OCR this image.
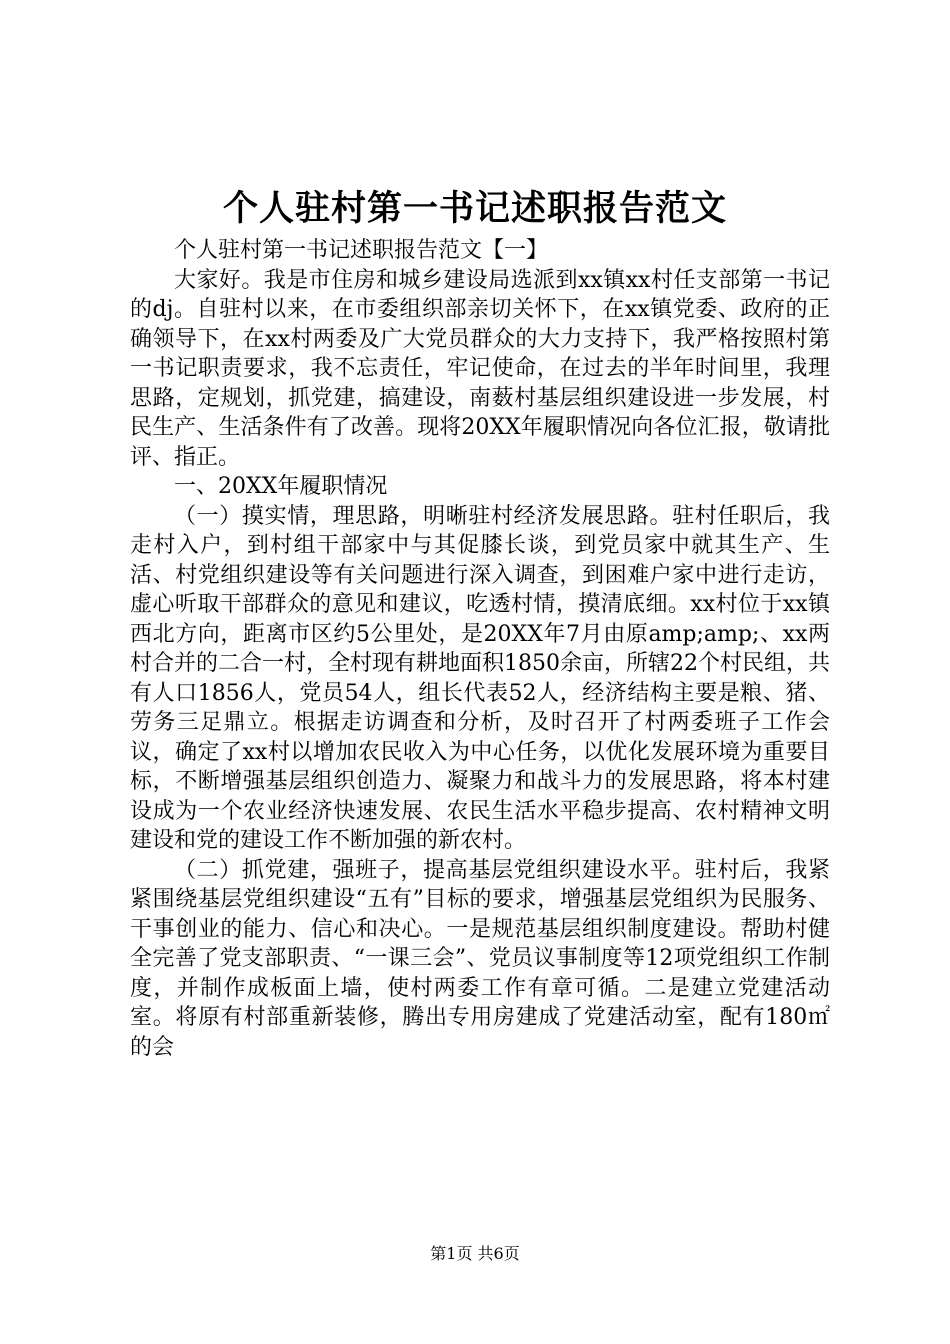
个人驻村第一书记述职报告范文

个人驻村第一书记述职报告范文【一】

大家好。我是市住房和城乡建设局选派到xx镇xx村任支部第一书记的dj。自驻村以来，在市委组织部亲切关怀下，在xx镇党委、政府的正确领导下，在xx村两委及广大党员群众的大力支持下，我严格按照村第一书记职责要求，我不忘责任，牢记使命，在过去的半年时间里，我理思路，定规划，抓党建，搞建设，南薮村基层组织建设进一步发展，村民生产、生活条件有了改善。现将20XX年履职情况向各位汇报，敬请批评、指正。

一、20XX年履职情况

（一）摸实情，理思路，明晰驻村经济发展思路。驻村任职后，我走村入户，到村组干部家中与其促膝长谈，到党员家中就其生产、生活、村党组织建设等有关问题进行深入调查，到困难户家中进行走访，虚心听取干部群众的意见和建议，吃透村情，摸清底细。xx村位于xx镇西北方向，距离市区约5公里处，是20XX年7月由原amp;amp;、xx两村合并的二合一村，全村现有耕地面积1850余亩，所辖22个村民组，共有人口1856人，党员54人，组长代表52人，经济结构主要是粮、猪、劳务三足鼎立。根据走访调查和分析，及时召开了村两委班子工作会议，确定了xx村以增加农民收入为中心任务，以优化发展环境为重要目标，不断增强基层组织创造力、凝聚力和战斗力的发展思路，将本村建设成为一个农业经济快速发展、农民生活水平稳步提高、农村精神文明建设和党的建设工作不断加强的新农村。

（二）抓党建，强班子，提高基层党组织建设水平。驻村后，我紧紧围绕基层党组织建设“五有”目标的要求，增强基层党组织为民服务、干事创业的能力、信心和决心。一是规范基层组织制度建设。帮助村健全完善了党支部职责、“一课三会”、党员议事制度等12项党组织工作制度，并制作成板面上墙，使村两委工作有章可循。二是建立党建活动室。将原有村部重新装修，腾出专用房建成了党建活动室，配有180㎡的会

第1页 共6页
